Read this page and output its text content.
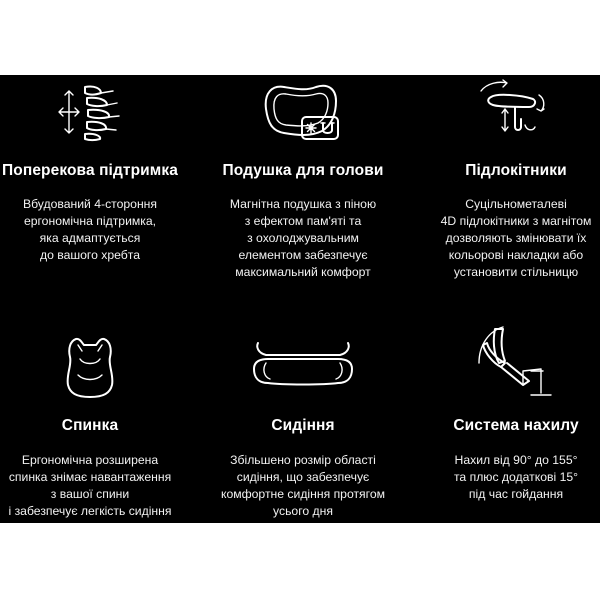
Поперекова підтримка
Вбудований 4-стороння
ергономічна підтримка,
яка адмаптується
до вашого хребта
Подушка для голови
Магнітна подушка з піною
з ефектом пам'яті та
з охолоджувальним
елементом забезпечує
максимальний комфорт
Підлокітники
Суцільнометалеві
4D підлокітники з магнітом
дозволяють змінювати їх
кольорові накладки або
установити стільницю
Спинка
Ергономічна розширена
спинка знімає навантаження
з вашої спини
і забезпечує легкість сидіння
Сидіння
Збільшено розмір області
сидіння, що забезпечує
комфортне сидіння протягом
усього дня
Система нахилу
Нахил від 90° до 155°
та плюс додаткові 15°
під час гойдання
